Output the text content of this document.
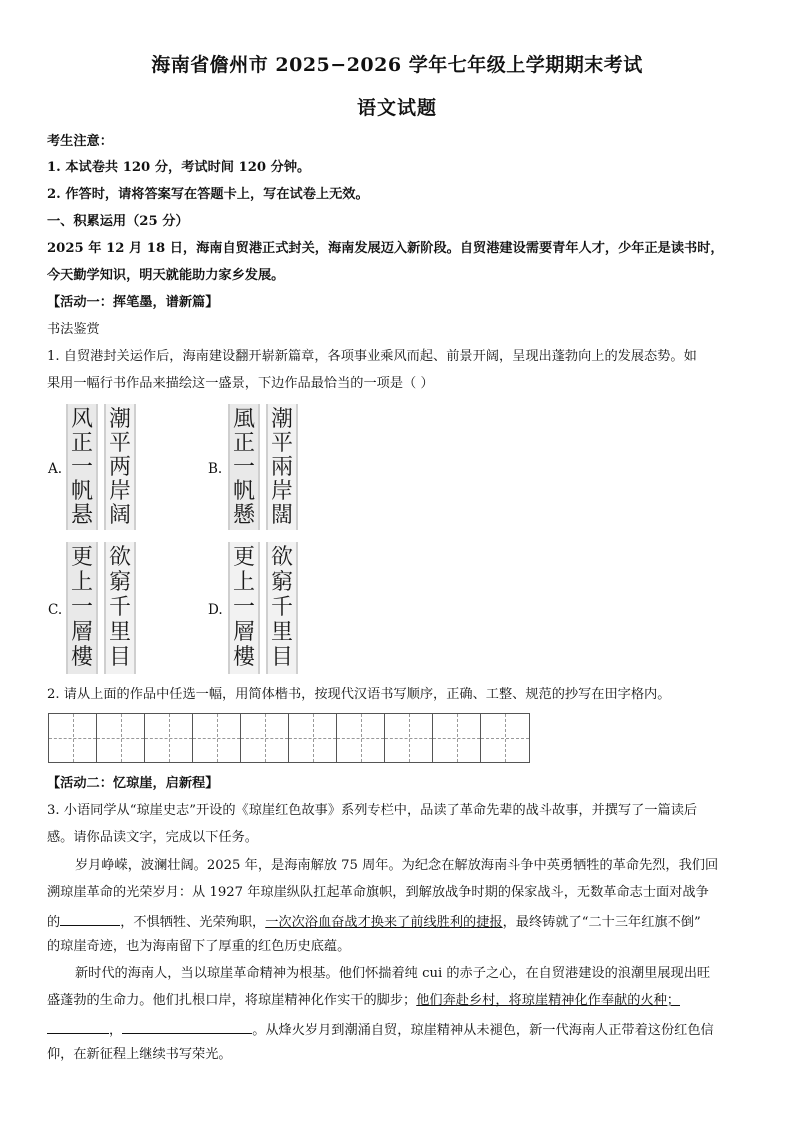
海南省儋州市 2025−2026 学年七年级上学期期末考试
语文试题
考生注意：
1. 本试卷共 120 分，考试时间 120 分钟。
2. 作答时，请将答案写在答题卡上，写在试卷上无效。
一、积累运用（25 分）
2025 年 12 月 18 日，海南自贸港正式封关，海南发展迈入新阶段。自贸港建设需要青年人才，少年正是读书时，
今天勤学知识，明天就能助力家乡发展。
【活动一：挥笔墨，谱新篇】
书法鉴赏
1. 自贸港封关运作后，海南建设翻开崭新篇章，各项事业乘风而起、前景开阔，呈现出蓬勃向上的发展态势。如
果用一幅行书作品来描绘这一盛景，下边作品最恰当的一项是（ ）
A.
风
正
一
帆
悬
潮
平
两
岸
阔
B.
風
正
一
帆
懸
潮
平
兩
岸
闊
C.
更
上
一
層
樓
欲
窮
千
里
目
D.
更
上
一
層
樓
欲
窮
千
里
目
2. 请从上面的作品中任选一幅，用简体楷书，按现代汉语书写顺序，正确、工整、规范的抄写在田字格内。
【活动二：忆琼崖，启新程】
3. 小语同学从“琼崖史志”开设的《琼崖红色故事》系列专栏中，品读了革命先辈的战斗故事，并撰写了一篇读后
感。请你品读文字，完成以下任务。
岁月峥嵘，波澜壮阔。2025 年，是海南解放 75 周年。为纪念在解放海南斗争中英勇牺牲的革命先烈，我们回
溯琼崖革命的光荣岁月：从 1927 年琼崖纵队扛起革命旗帜，到解放战争时期的保家战斗，无数革命志士面对战争
的	，不惧牺牲、光荣殉职，一次次浴血奋战才换来了前线胜利的捷报，最终铸就了“二十三年红旗不倒”
的琼崖奇迹，也为海南留下了厚重的红色历史底蕴。
新时代的海南人，当以琼崖革命精神为根基。他们怀揣着纯 cui 的赤子之心，在自贸港建设的浪潮里展现出旺
盛蓬勃的生命力。他们扎根口岸，将琼崖精神化作实干的脚步；他们奔赴乡村，将琼崖精神化作奉献的火种；
，	。从烽火岁月到潮涌自贸，琼崖精神从未褪色，新一代海南人正带着这份红色信
仰，在新征程上继续书写荣光。
